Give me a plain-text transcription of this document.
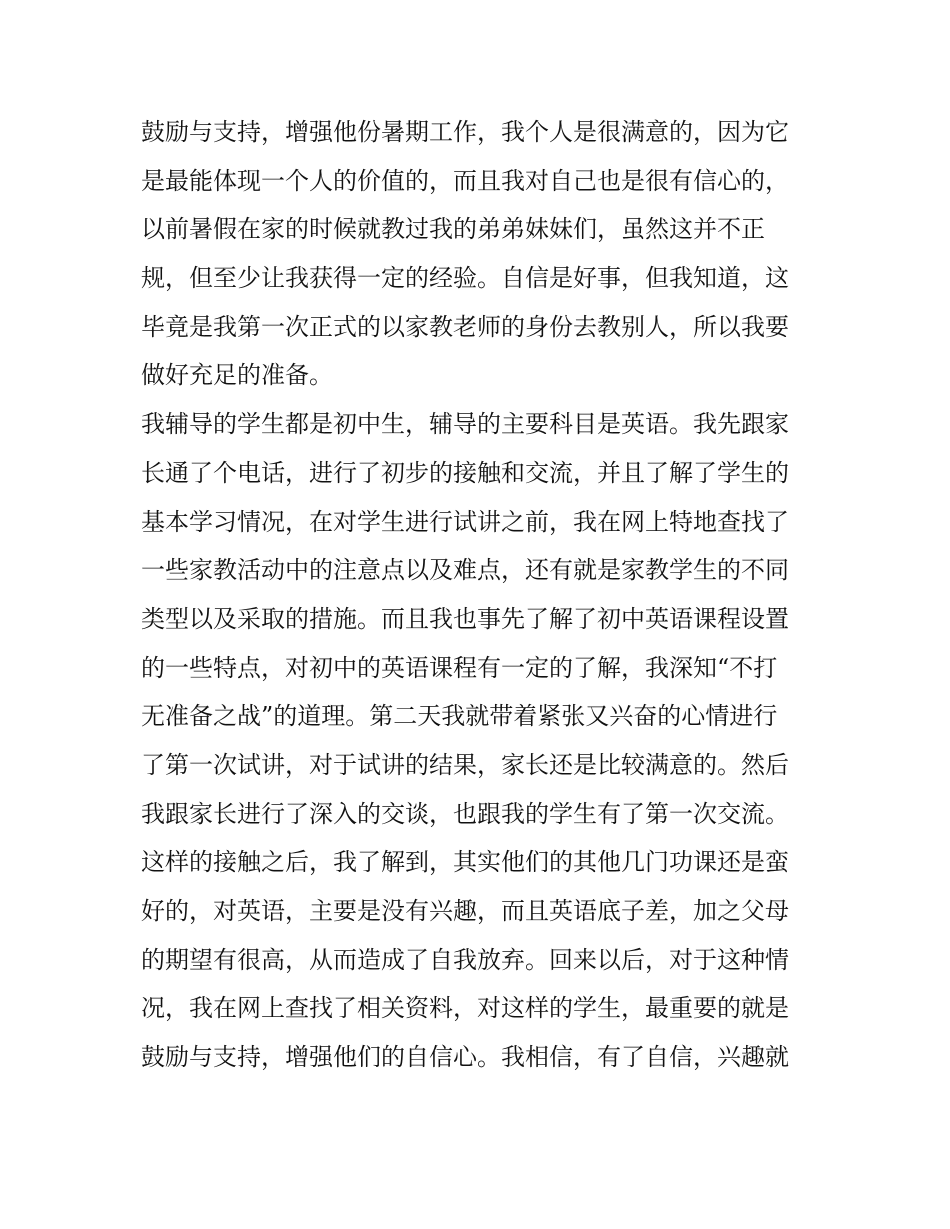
鼓励与支持，增强他份暑期工作，我个人是很满意的，因为它
是最能体现一个人的价值的，而且我对自己也是很有信心的，
以前暑假在家的时候就教过我的弟弟妹妹们，虽然这并不正
规，但至少让我获得一定的经验。自信是好事，但我知道，这
毕竟是我第一次正式的以家教老师的身份去教别人，所以我要
做好充足的准备。
我辅导的学生都是初中生，辅导的主要科目是英语。我先跟家
长通了个电话，进行了初步的接触和交流，并且了解了学生的
基本学习情况，在对学生进行试讲之前，我在网上特地查找了
一些家教活动中的注意点以及难点，还有就是家教学生的不同
类型以及采取的措施。而且我也事先了解了初中英语课程设置
的一些特点，对初中的英语课程有一定的了解，我深知“不打
无准备之战”的道理。第二天我就带着紧张又兴奋的心情进行
了第一次试讲，对于试讲的结果，家长还是比较满意的。然后
我跟家长进行了深入的交谈，也跟我的学生有了第一次交流。
这样的接触之后，我了解到，其实他们的其他几门功课还是蛮
好的，对英语，主要是没有兴趣，而且英语底子差，加之父母
的期望有很高，从而造成了自我放弃。回来以后，对于这种情
况，我在网上查找了相关资料，对这样的学生，最重要的就是
鼓励与支持，增强他们的自信心。我相信，有了自信，兴趣就
